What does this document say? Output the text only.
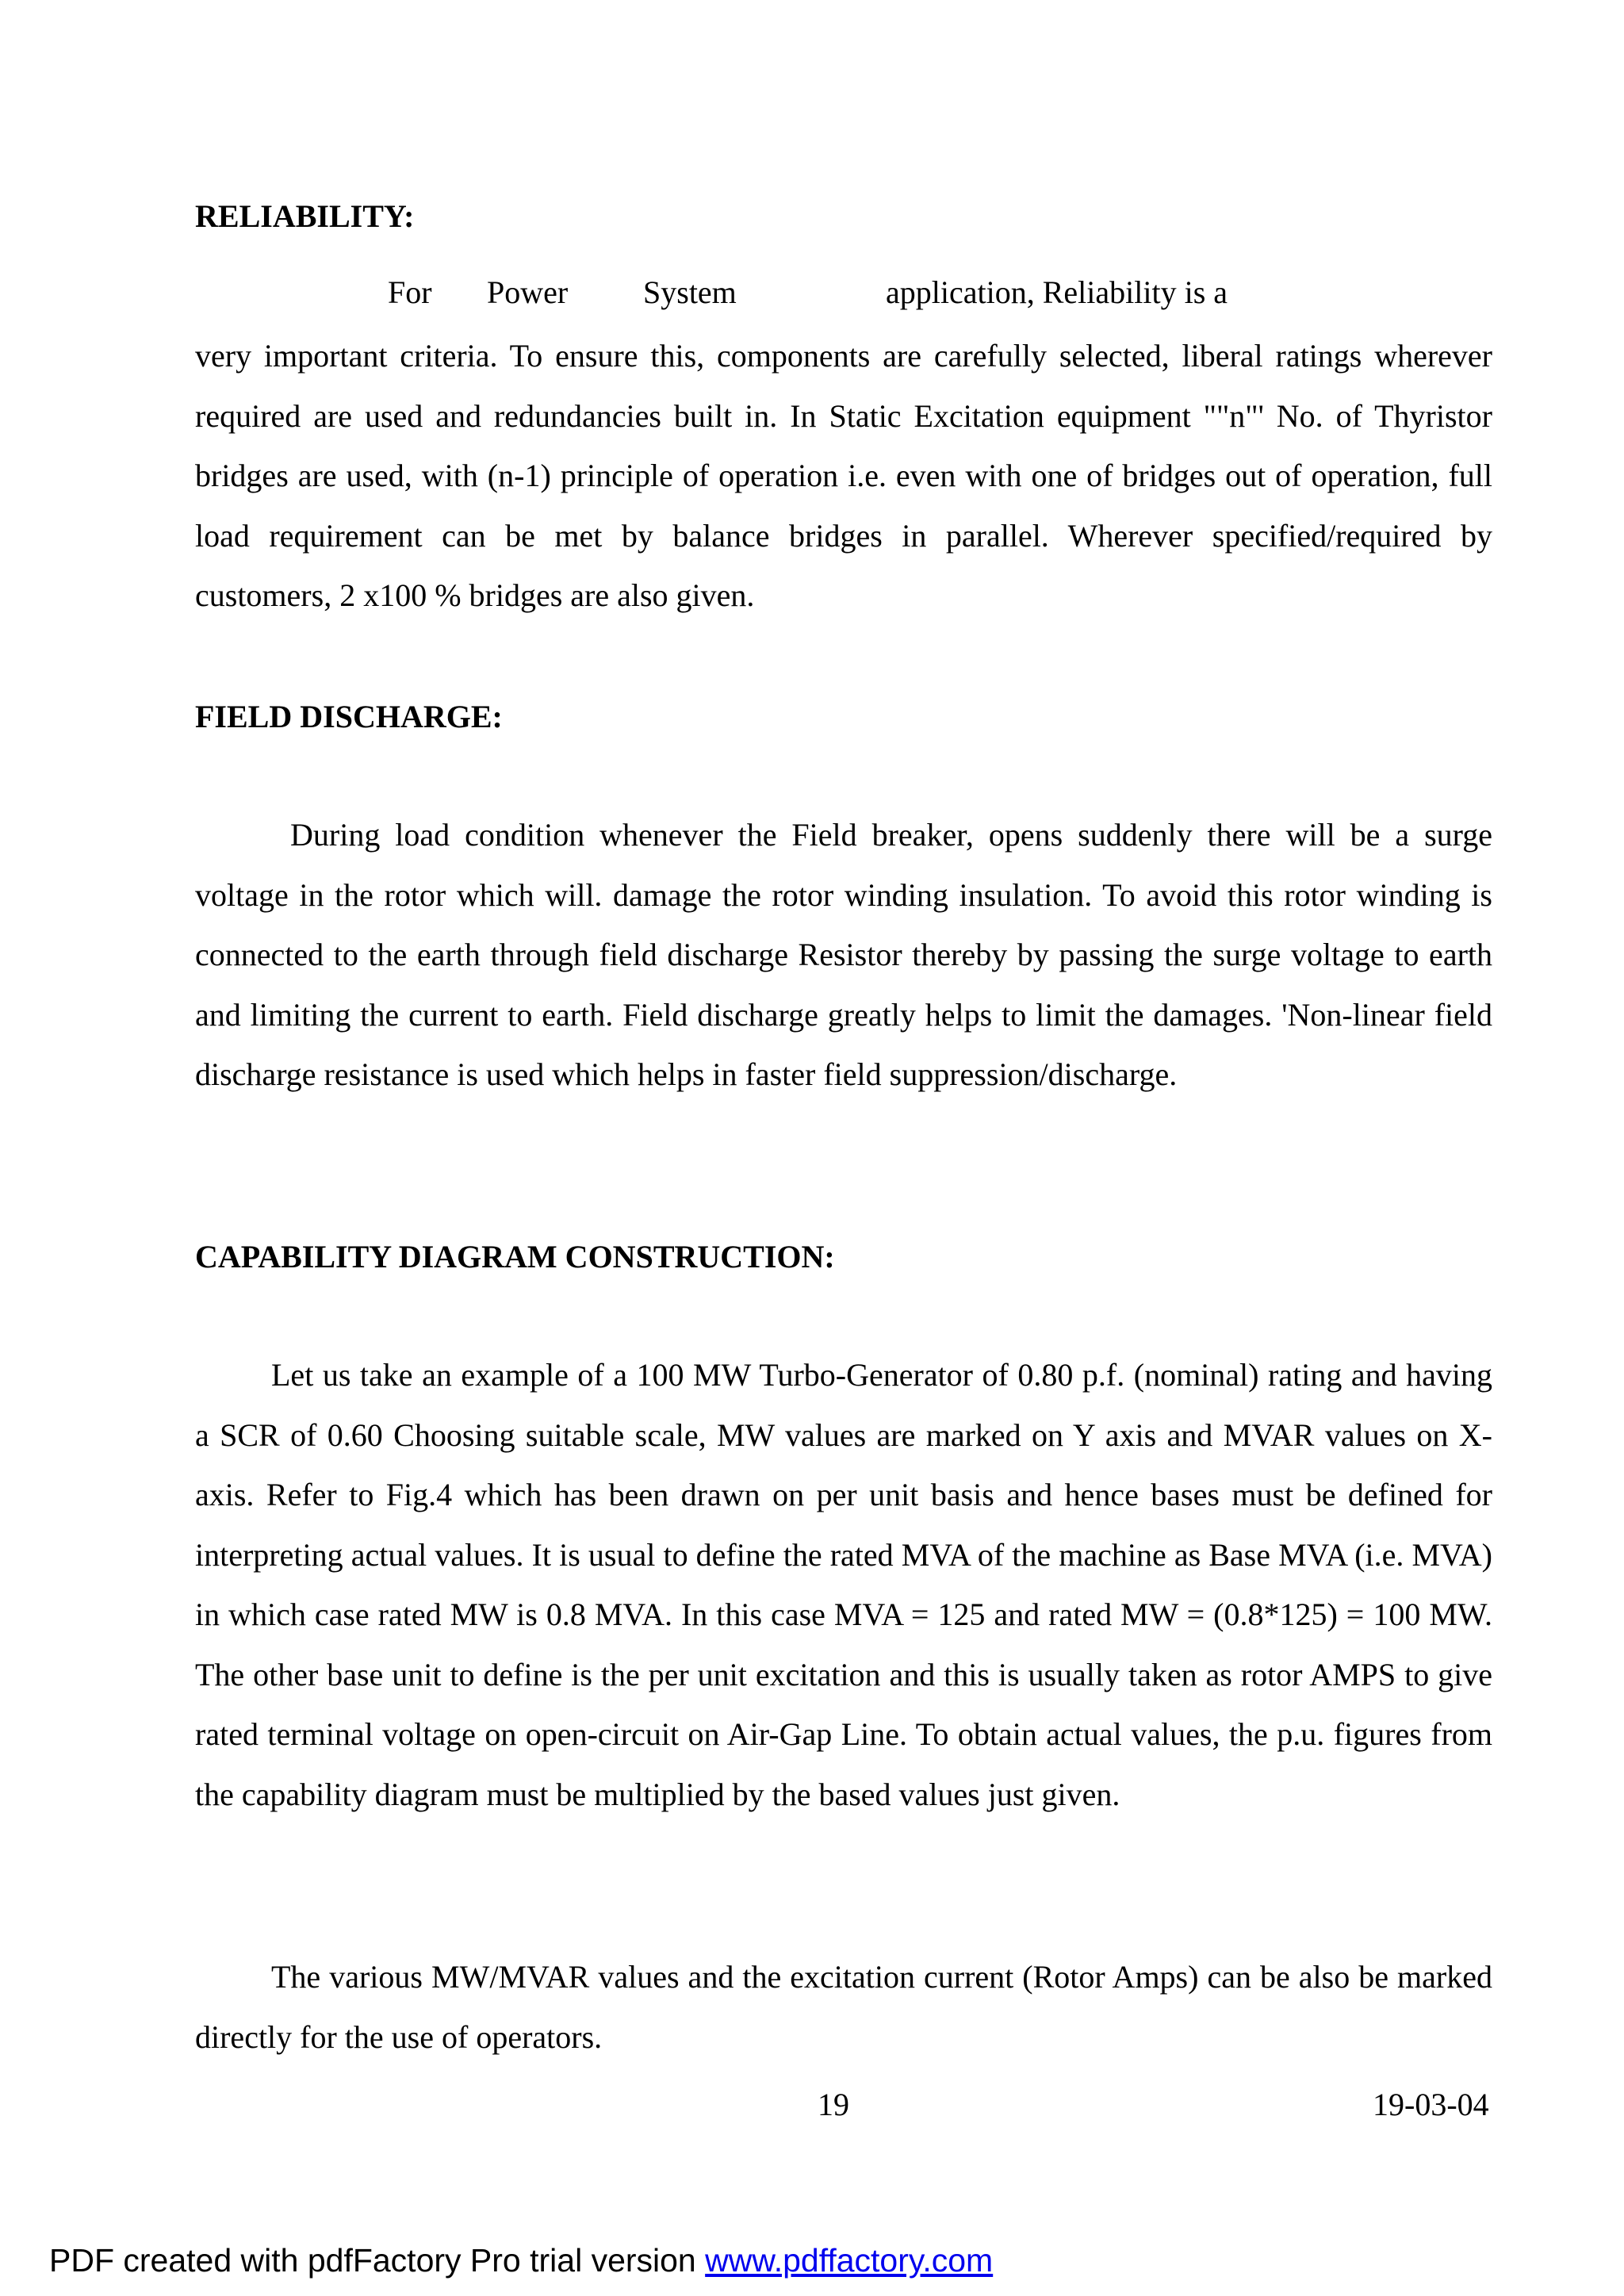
RELIABILITY:
For Power System	application, Reliability is a
very important criteria. To ensure this, components are carefully selected, liberal ratings wherever required are used and redundancies built in. In Static Excitation equipment ""n"' No. of Thyristor bridges are used, with (n-1) principle of operation i.e. even with one of bridges out of operation, full load requirement can be met by balance bridges in parallel. Wherever specified/required by customers, 2 x100 % bridges are also given.
FIELD DISCHARGE:
During load condition whenever the Field breaker, opens suddenly there will be a surge voltage in the rotor which will. damage the rotor winding insulation. To avoid this rotor winding is connected to the earth through field discharge Resistor thereby by passing the surge voltage to earth and limiting the current to earth. Field discharge greatly helps to limit the damages. 'Non-linear field discharge resistance is used which helps in faster field suppression/discharge.
CAPABILITY DIAGRAM CONSTRUCTION:
Let us take an example of a 100 MW Turbo-Generator of 0.80 p.f. (nominal) rating and having a SCR of 0.60 Choosing suitable scale, MW values are marked on Y axis and MVAR values on X-axis. Refer to Fig.4 which has been drawn on per unit basis and hence bases must be defined for interpreting actual values. It is usual to define the rated MVA of the machine as Base MVA (i.e. MVA) in which case rated MW is 0.8 MVA. In this case MVA = 125 and rated MW = (0.8*125) = 100 MW. The other base unit to define is the per unit excitation and this is usually taken as rotor AMPS to give rated terminal voltage on open-circuit on Air-Gap Line. To obtain actual values, the p.u. figures from the capability diagram must be multiplied by the based values just given.
The various MW/MVAR values and the excitation current (Rotor Amps) can be also be marked directly for the use of operators.
19	19-03-04
PDF created with pdfFactory Pro trial version www.pdffactory.com
